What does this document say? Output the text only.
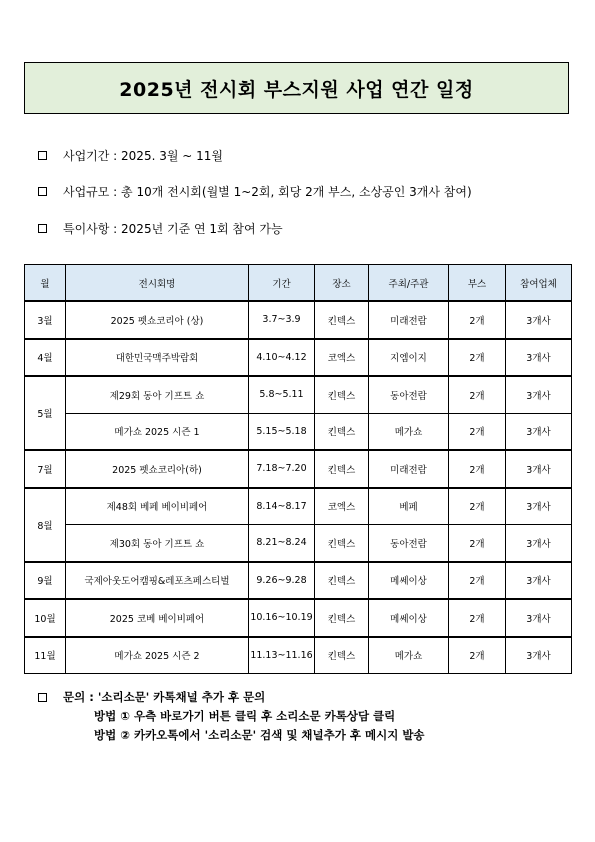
2025년 전시회 부스지원 사업 연간 일정
사업기간 : 2025. 3월 ~ 11월
사업규모 : 총 10개 전시회(월별 1~2회, 회당 2개 부스, 소상공인 3개사 참여)
특이사항 : 2025년 기준 연 1회 참여 가능
월	전시회명	기간	장소	주최/주관	부스	참여업체
3월	2025 펫쇼코리아 (상)	3.7~3.9	킨텍스	미래전람	2개	3개사
4월	대한민국맥주박람회	4.10~4.12	코엑스	지엠이지	2개	3개사
5월	제29회 동아 기프트 쇼	5.8~5.11	킨텍스	동아전람	2개	3개사
	메가쇼 2025 시즌 1	5.15~5.18	킨텍스	메가쇼	2개	3개사
7월	2025 펫쇼코리아(하)	7.18~7.20	킨텍스	미래전람	2개	3개사
8월	제48회 베페 베이비페어	8.14~8.17	코엑스	베페	2개	3개사
	제30회 동아 기프트 쇼	8.21~8.24	킨텍스	동아전람	2개	3개사
9월	국제아웃도어캠핑&레포츠페스티벌	9.26~9.28	킨텍스	메쎄이상	2개	3개사
10월	2025 코베 베이비페어	10.16~10.19	킨텍스	메쎄이상	2개	3개사
11월	메가쇼 2025 시즌 2	11.13~11.16	킨텍스	메가쇼	2개	3개사
문의 : '소리소문' 카톡채널 추가 후 문의
방법 ① 우측 바로가기 버튼 클릭 후 소리소문 카톡상담 클릭
방법 ② 카카오톡에서 '소리소문' 검색 및 채널추가 후 메시지 발송
